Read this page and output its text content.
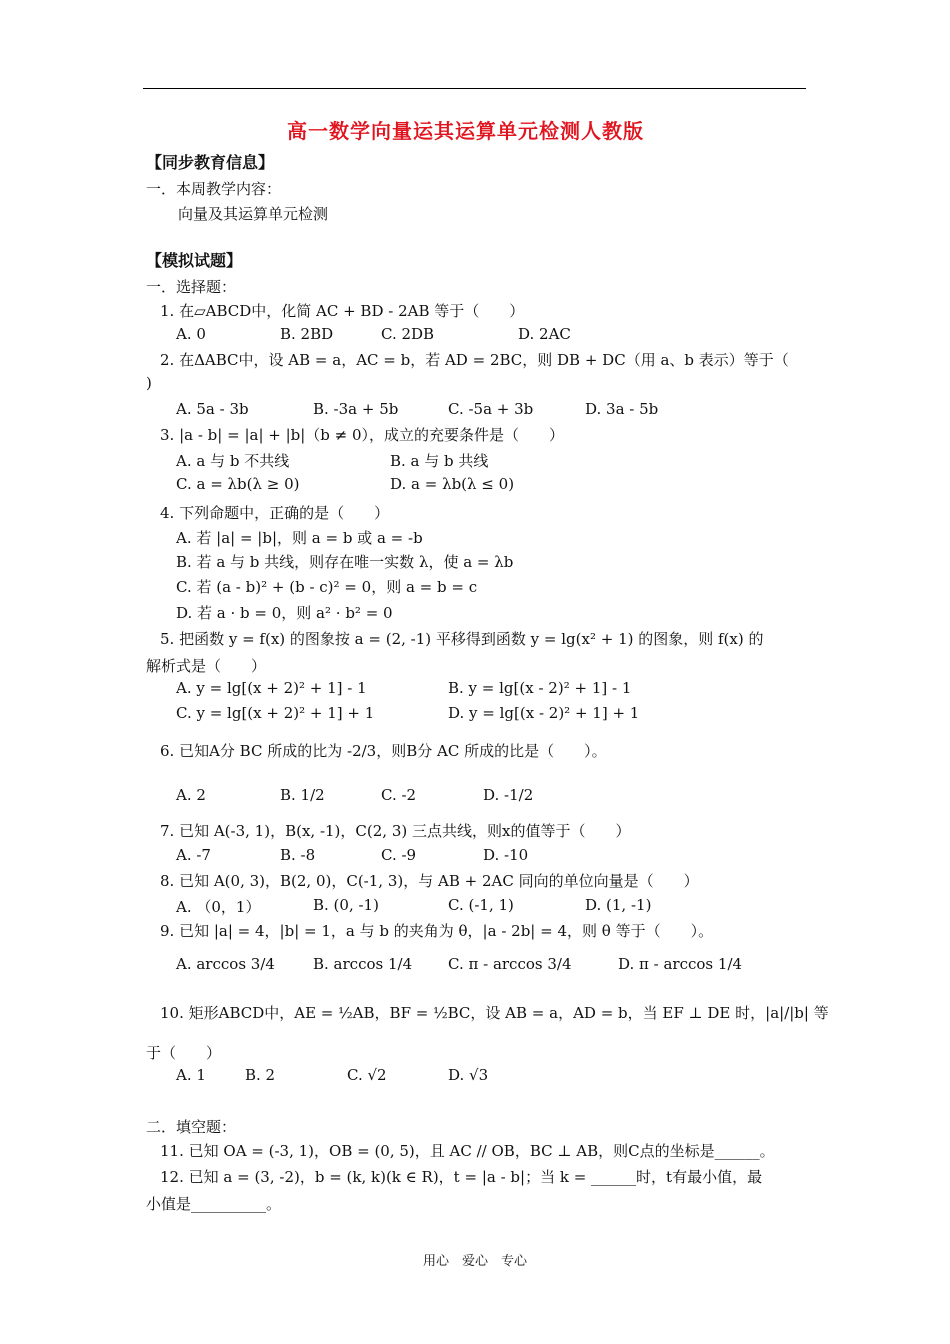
高一数学向量运其运算单元检测人教版
【同步教育信息】
一．本周教学内容：
向量及其运算单元检测
【模拟试题】
一．选择题：
1. 在▱ABCD中，化简 AC + BD - 2AB 等于（　　）
A. 0	B. 2BD	C. 2DB	D. 2AC
2. 在ΔABC中，设 AB = a，AC = b，若 AD = 2BC，则 DB + DC（用 a、b 表示）等于（
)
A. 5a - 3b	B. -3a + 5b	C. -5a + 3b	D. 3a - 5b
3. |a - b| = |a| + |b|（b ≠ 0），成立的充要条件是（　　）
A. a 与 b 不共线	B. a 与 b 共线
C. a = λb(λ ≥ 0)	D. a = λb(λ ≤ 0)
4. 下列命题中，正确的是（　　）
A. 若 |a| = |b|，则 a = b 或 a = -b
B. 若 a 与 b 共线，则存在唯一实数 λ，使 a = λb
C. 若 (a - b)² + (b - c)² = 0，则 a = b = c
D. 若 a · b = 0，则 a² · b² = 0
5. 把函数 y = f(x) 的图象按 a = (2, -1) 平移得到函数 y = lg(x² + 1) 的图象，则 f(x) 的
解析式是（　　）
A. y = lg[(x + 2)² + 1] - 1	B. y = lg[(x - 2)² + 1] - 1
C. y = lg[(x + 2)² + 1] + 1	D. y = lg[(x - 2)² + 1] + 1
6. 已知A分 BC 所成的比为 -2/3，则B分 AC 所成的比是（　　）。
A. 2	B. 1/2	C. -2	D. -1/2
7. 已知 A(-3, 1)，B(x, -1)，C(2, 3) 三点共线，则x的值等于（　　）
A. -7	B. -8	C. -9	D. -10
8. 已知 A(0, 3)，B(2, 0)，C(-1, 3)，与 AB + 2AC 同向的单位向量是（　　）
A. （0，1）	B. (0, -1)	C. (-1, 1)	D. (1, -1)
9. 已知 |a| = 4，|b| = 1，a 与 b 的夹角为 θ，|a - 2b| = 4，则 θ 等于（　　）。
A. arccos 3/4	B. arccos 1/4 C. π - arccos 3/4	D. π - arccos 1/4
10. 矩形ABCD中，AE = ½AB，BF = ½BC，设 AB = a，AD = b，当 EF ⊥ DE 时，|a|/|b| 等
于（　　）
A. 1	B. 2	C. √2	D. √3
二．填空题：
11. 已知 OA = (-3, 1)，OB = (0, 5)，且 AC // OB，BC ⊥ AB，则C点的坐标是______。
12. 已知 a = (3, -2)，b = (k, k)(k ∈ R)，t = |a - b|；当 k = ______时，t有最小值，最
小值是__________。
用心　爱心　专心
